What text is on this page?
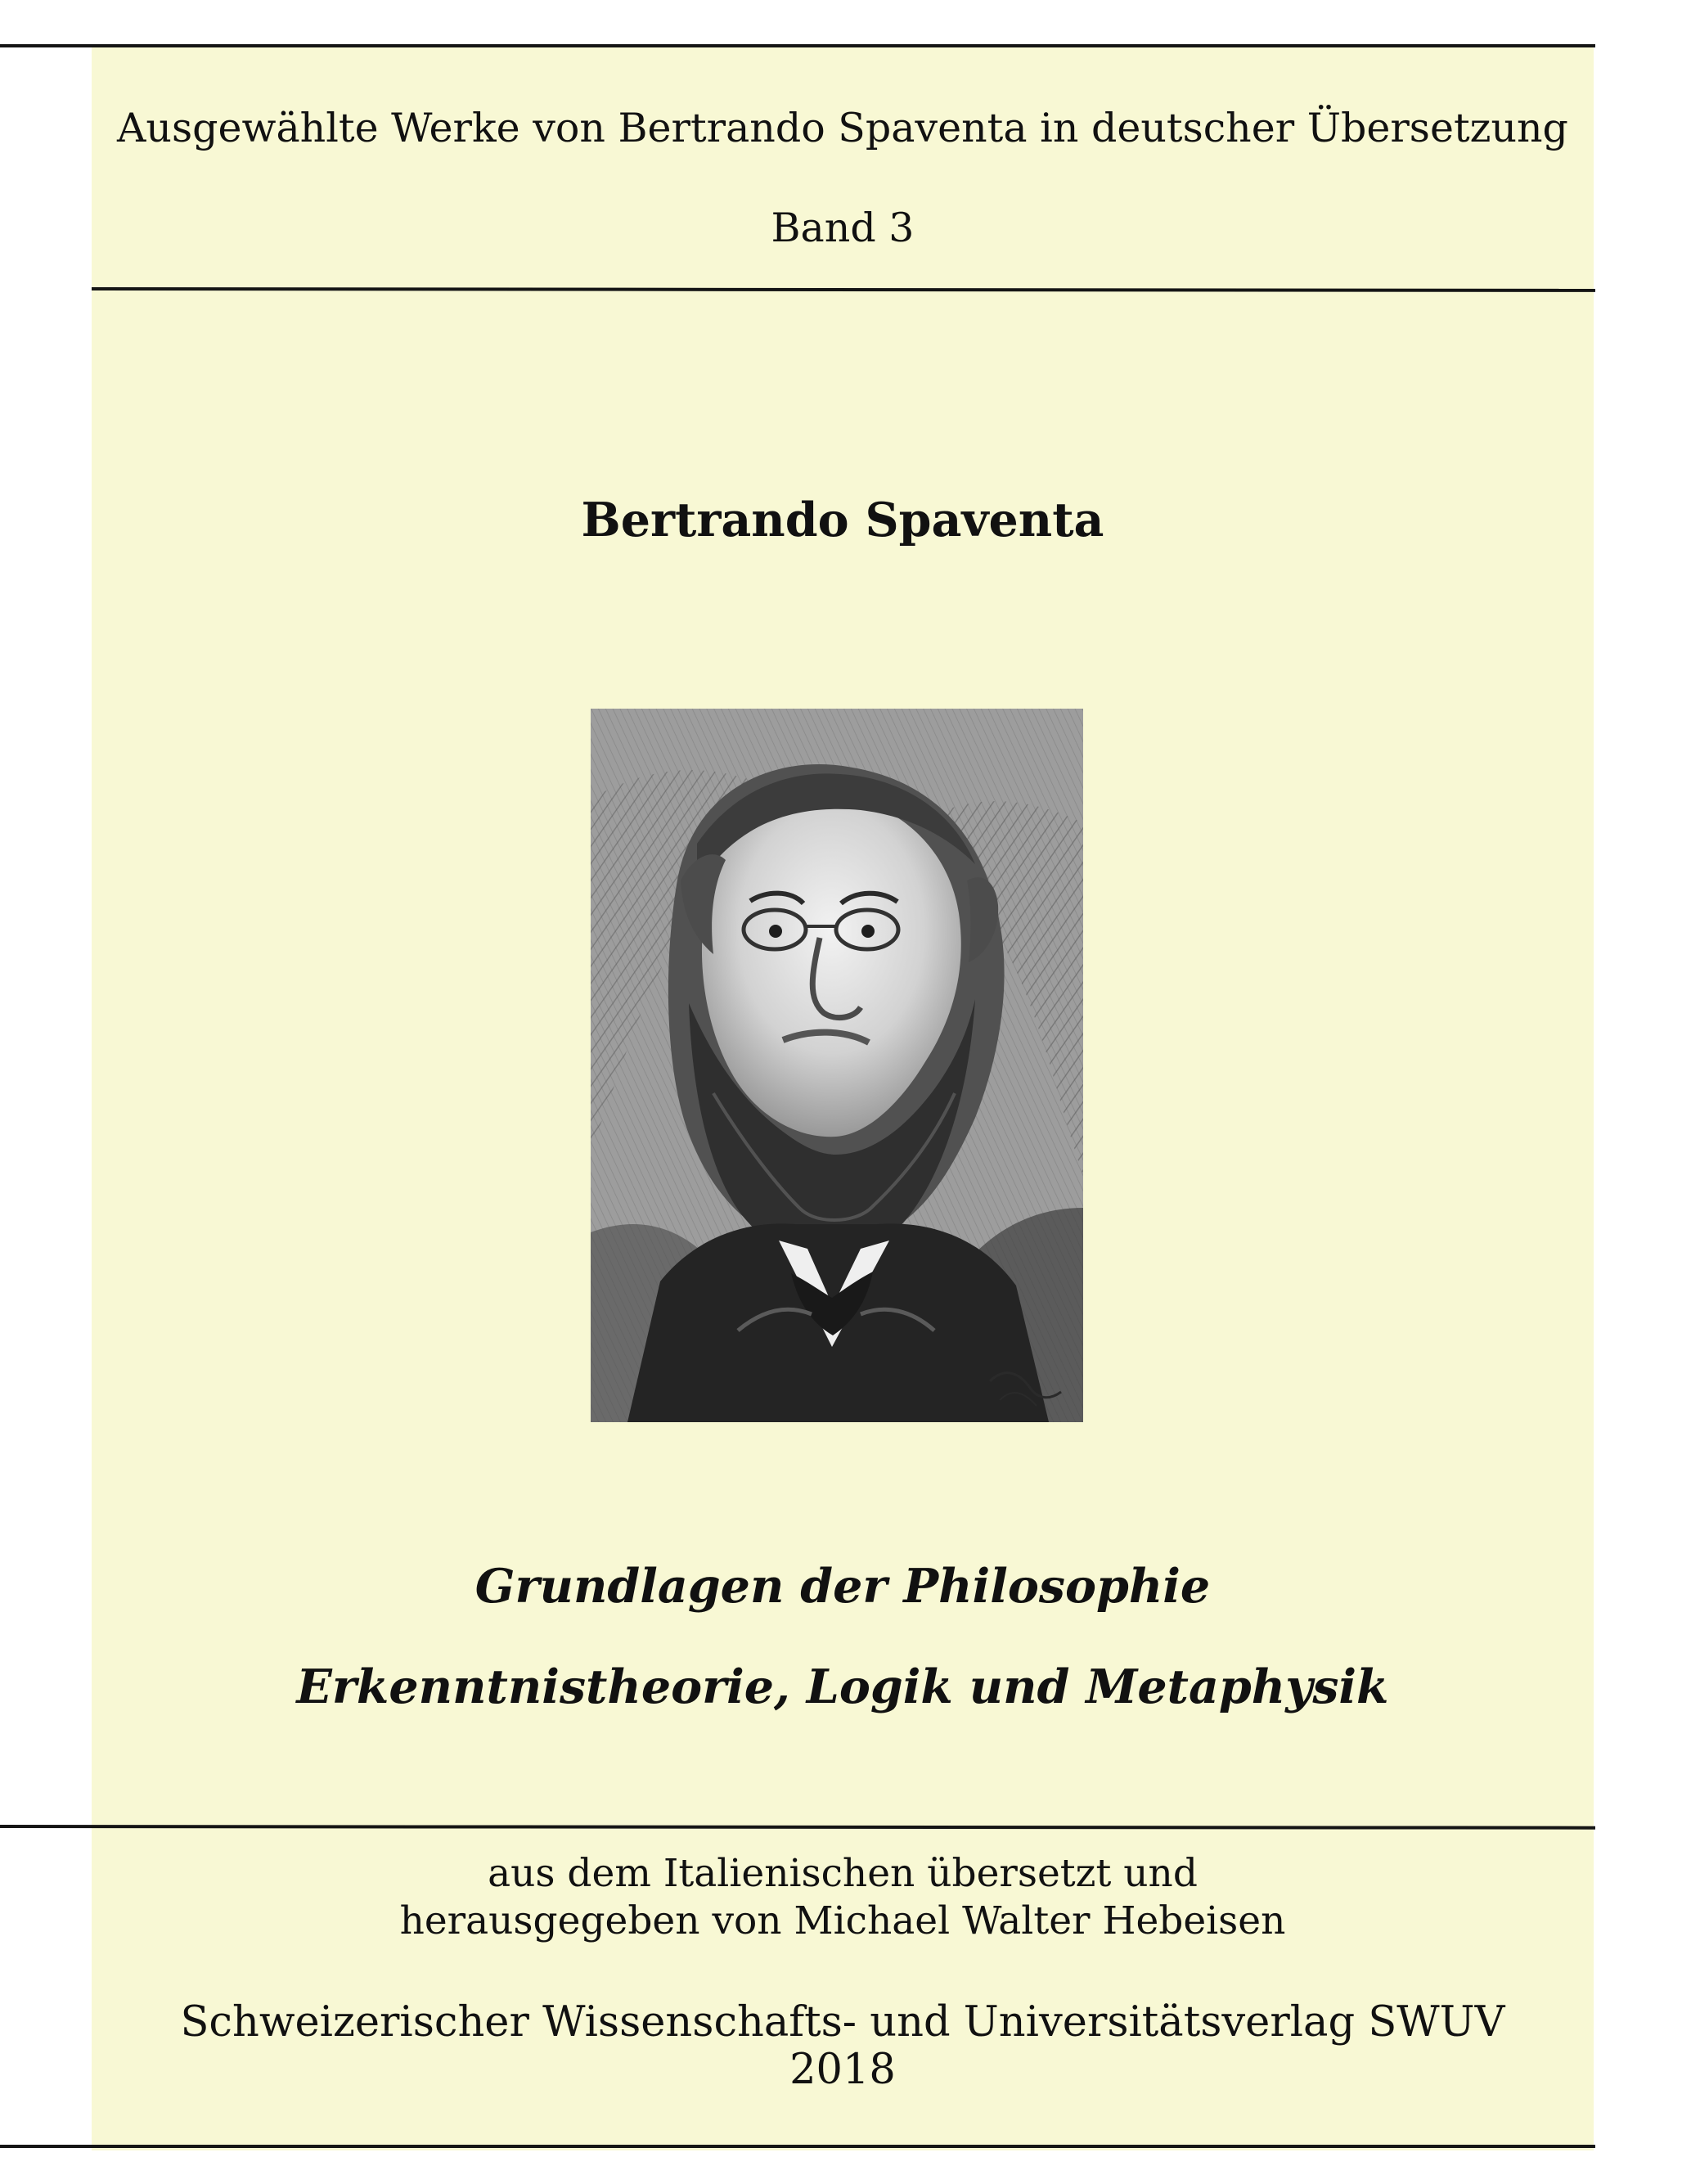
Ausgewählte Werke von Bertrando Spaventa in deutscher Übersetzung
Band 3
Bertrando Spaventa
Grundlagen der Philosophie
Erkenntnistheorie, Logik und Metaphysik
aus dem Italienischen übersetzt und
herausgegeben von Michael Walter Hebeisen
Schweizerischer Wissenschafts- und Universitätsverlag SWUV
2018
